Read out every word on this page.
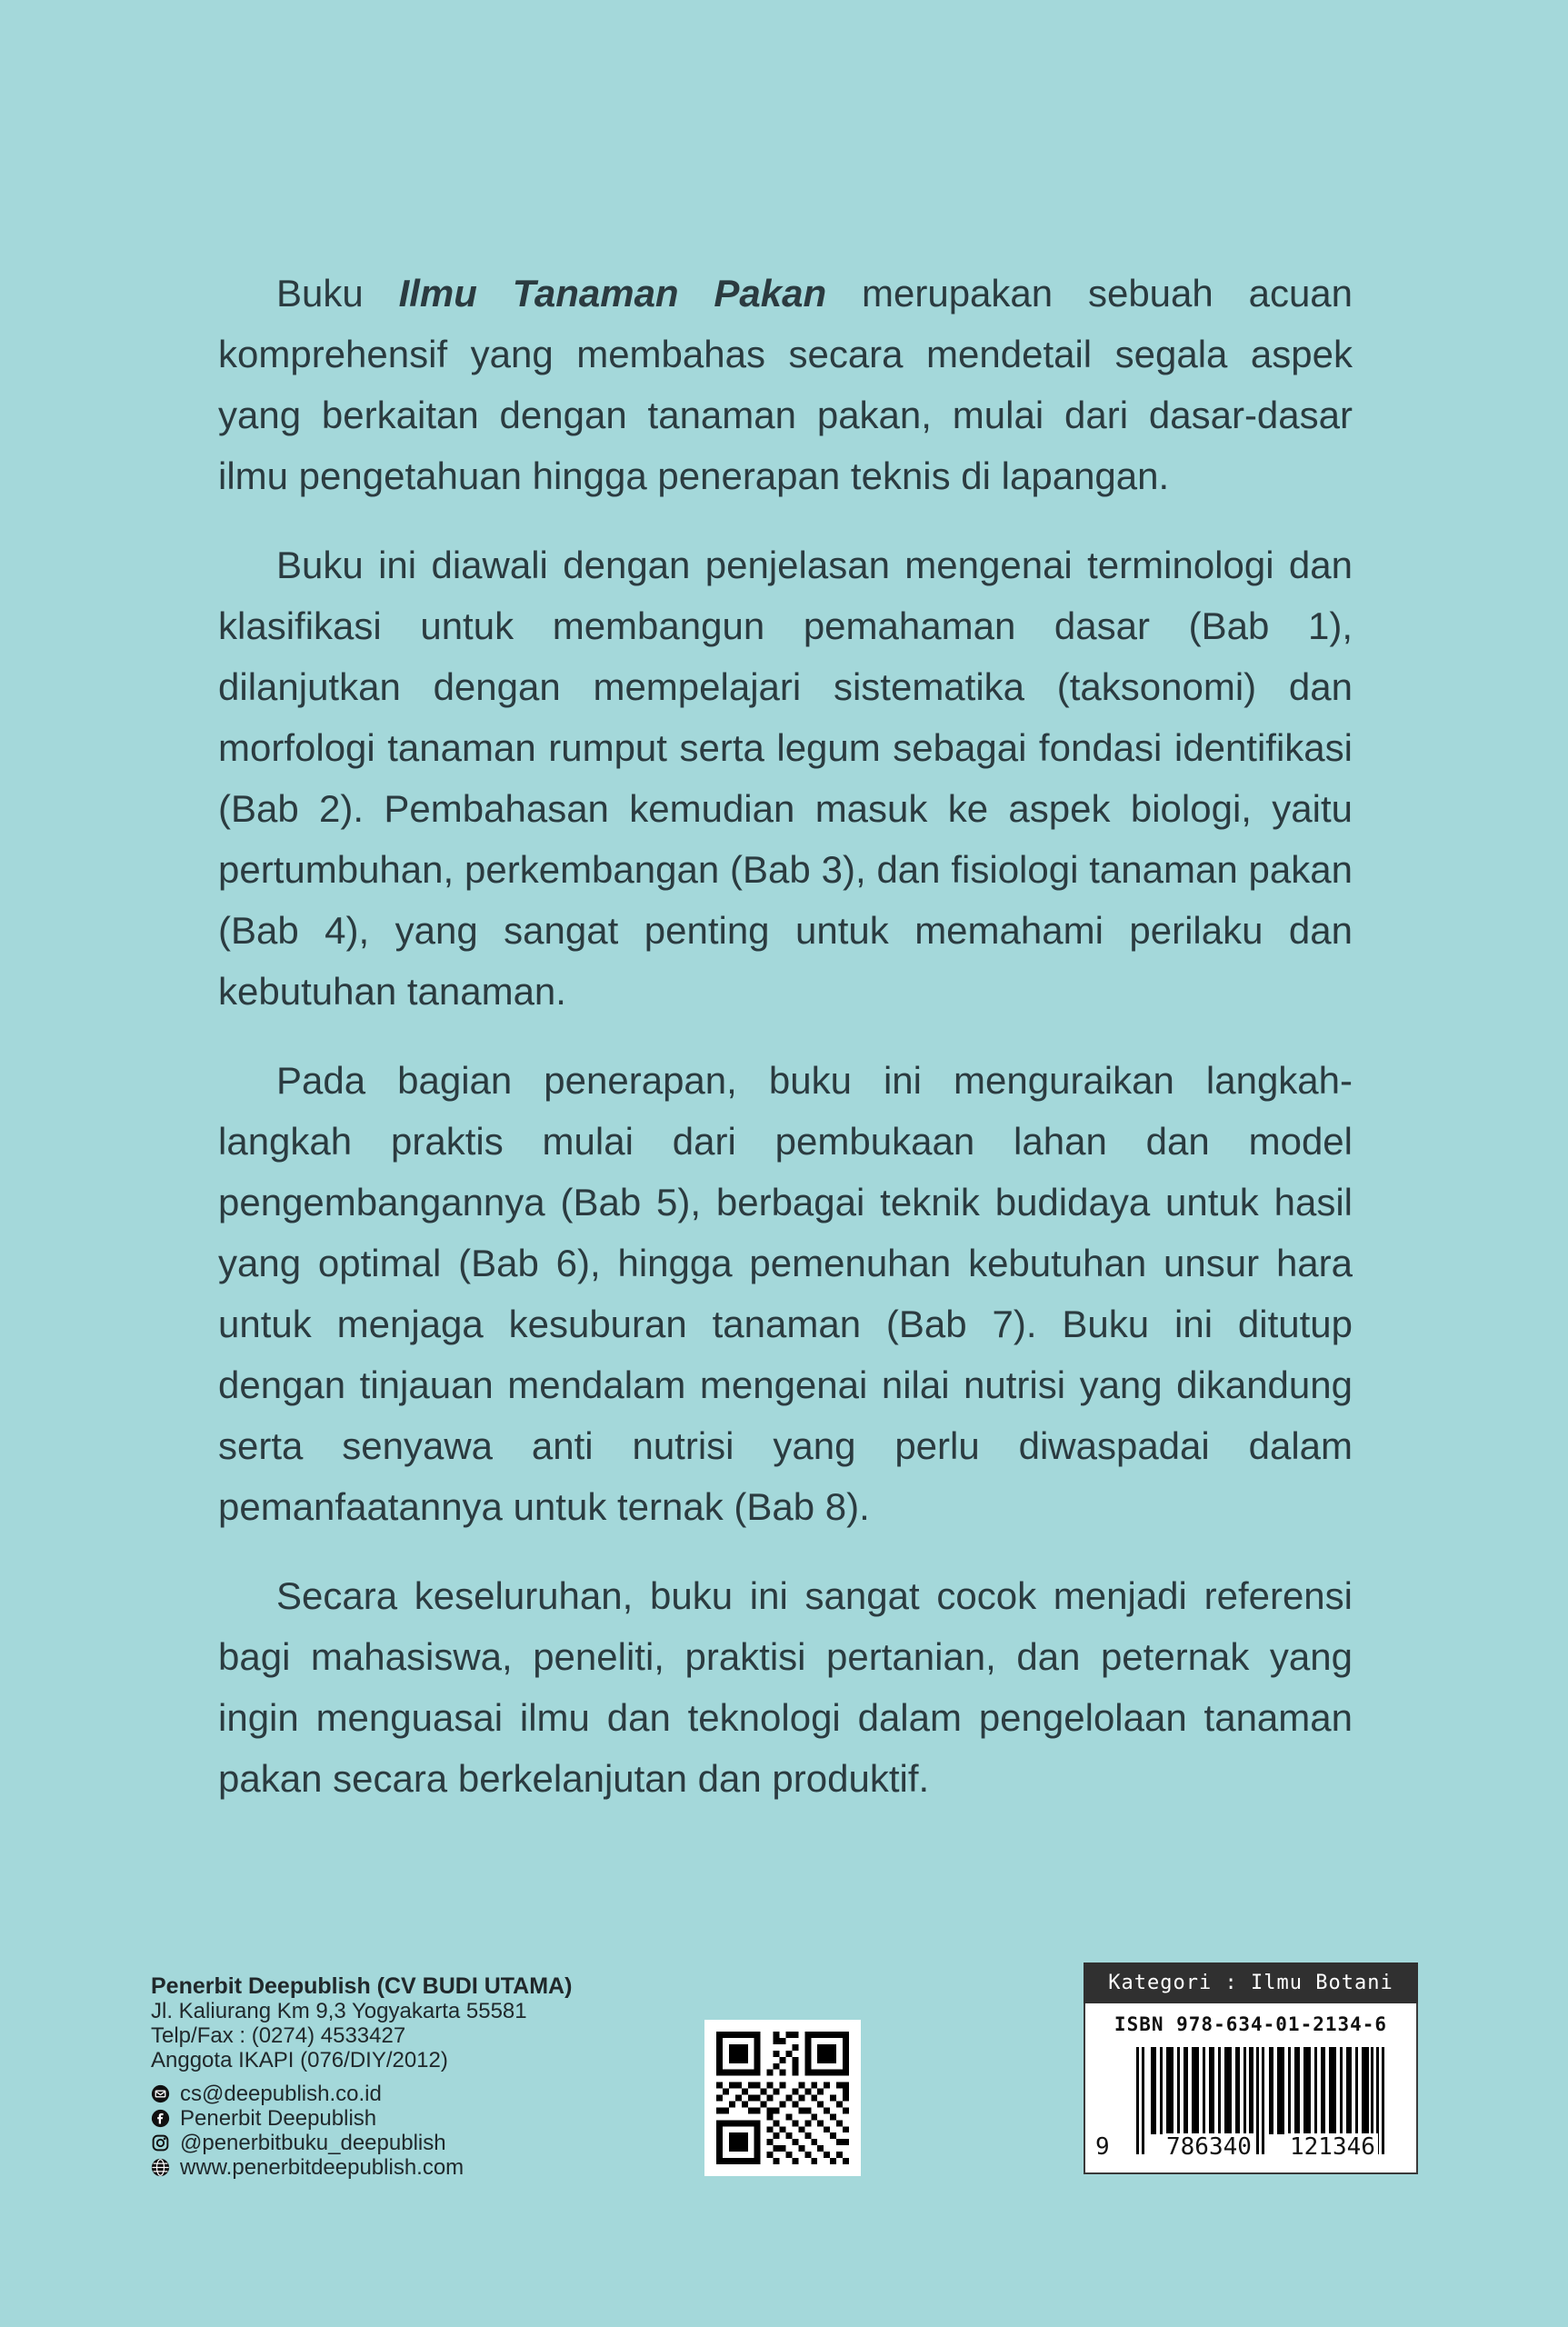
Buku Ilmu Tanaman Pakan merupakan sebuah acuan komprehensif yang membahas secara mendetail segala aspek yang berkaitan dengan tanaman pakan, mulai dari dasar-dasar ilmu pengetahuan hingga penerapan teknis di lapangan.

Buku ini diawali dengan penjelasan mengenai terminologi dan klasifikasi untuk membangun pemahaman dasar (Bab 1), dilanjutkan dengan mempelajari sistematika (taksonomi) dan morfologi tanaman rumput serta legum sebagai fondasi identifikasi (Bab 2). Pembahasan kemudian masuk ke aspek biologi, yaitu pertumbuhan, perkembangan (Bab 3), dan fisiologi tanaman pakan (Bab 4), yang sangat penting untuk memahami perilaku dan kebutuhan tanaman.

Pada bagian penerapan, buku ini menguraikan langkah-langkah praktis mulai dari pembukaan lahan dan model pengembangannya (Bab 5), berbagai teknik budidaya untuk hasil yang optimal (Bab 6), hingga pemenuhan kebutuhan unsur hara untuk menjaga kesuburan tanaman (Bab 7). Buku ini ditutup dengan tinjauan mendalam mengenai nilai nutrisi yang dikandung serta senyawa anti nutrisi yang perlu diwaspadai dalam pemanfaatannya untuk ternak (Bab 8).

Secara keseluruhan, buku ini sangat cocok menjadi referensi bagi mahasiswa, peneliti, praktisi pertanian, dan peternak yang ingin menguasai ilmu dan teknologi dalam pengelolaan tanaman pakan secara berkelanjutan dan produktif.

Penerbit Deepublish (CV BUDI UTAMA)
Jl. Kaliurang Km 9,3 Yogyakarta 55581
Telp/Fax : (0274) 4533427
Anggota IKAPI (076/DIY/2012)
cs@deepublish.co.id
Penerbit Deepublish
@penerbitbuku_deepublish
www.penerbitdeepublish.com
Kategori : Ilmu Botani
ISBN 978-634-01-2134-6
9 786340 121346
